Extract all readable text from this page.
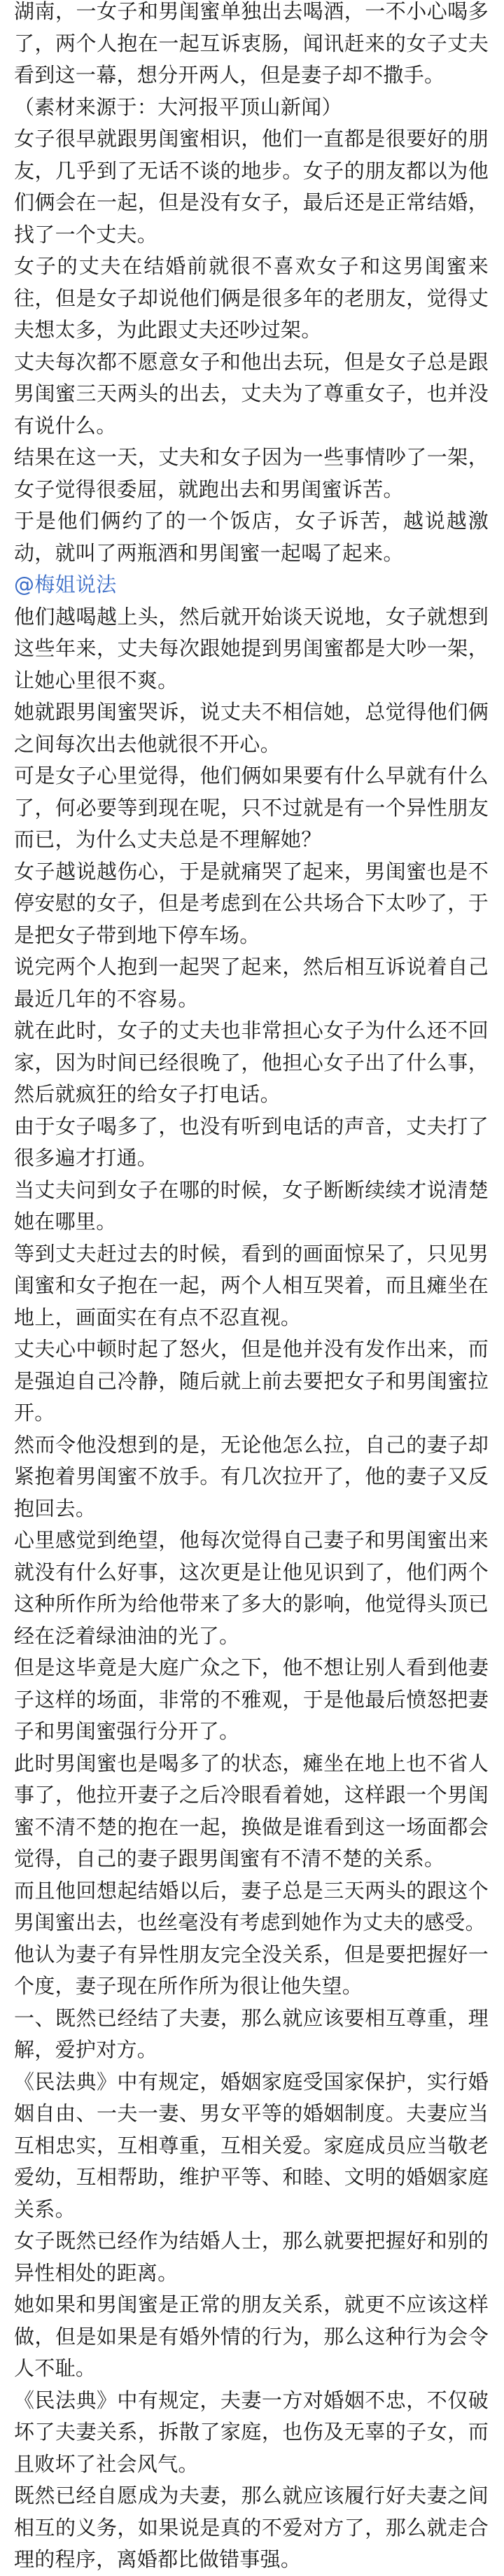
湖南，一女子和男闺蜜单独出去喝酒，一不小心喝多了，两个人抱在一起互诉衷肠，闻讯赶来的女子丈夫看到这一幕，想分开两人，但是妻子却不撒手。

（素材来源于：大河报平顶山新闻）

女子很早就跟男闺蜜相识，他们一直都是很要好的朋友，几乎到了无话不谈的地步。女子的朋友都以为他们俩会在一起，但是没有女子，最后还是正常结婚，找了一个丈夫。

女子的丈夫在结婚前就很不喜欢女子和这男闺蜜来往，但是女子却说他们俩是很多年的老朋友，觉得丈夫想太多，为此跟丈夫还吵过架。

丈夫每次都不愿意女子和他出去玩，但是女子总是跟男闺蜜三天两头的出去，丈夫为了尊重女子，也并没有说什么。

结果在这一天，丈夫和女子因为一些事情吵了一架，女子觉得很委屈，就跑出去和男闺蜜诉苦。

于是他们俩约了的一个饭店，女子诉苦，越说越激动，就叫了两瓶酒和男闺蜜一起喝了起来。

@梅姐说法

他们越喝越上头，然后就开始谈天说地，女子就想到这些年来，丈夫每次跟她提到男闺蜜都是大吵一架，让她心里很不爽。

她就跟男闺蜜哭诉，说丈夫不相信她，总觉得他们俩之间每次出去他就很不开心。

可是女子心里觉得，他们俩如果要有什么早就有什么了，何必要等到现在呢，只不过就是有一个异性朋友而已，为什么丈夫总是不理解她？

女子越说越伤心，于是就痛哭了起来，男闺蜜也是不停安慰的女子，但是考虑到在公共场合下太吵了，于是把女子带到地下停车场。

说完两个人抱到一起哭了起来，然后相互诉说着自己最近几年的不容易。

就在此时，女子的丈夫也非常担心女子为什么还不回家，因为时间已经很晚了，他担心女子出了什么事，然后就疯狂的给女子打电话。

由于女子喝多了，也没有听到电话的声音，丈夫打了很多遍才打通。

当丈夫问到女子在哪的时候，女子断断续续才说清楚她在哪里。

等到丈夫赶过去的时候，看到的画面惊呆了，只见男闺蜜和女子抱在一起，两个人相互哭着，而且瘫坐在地上，画面实在有点不忍直视。

丈夫心中顿时起了怒火，但是他并没有发作出来，而是强迫自己冷静，随后就上前去要把女子和男闺蜜拉开。

然而令他没想到的是，无论他怎么拉，自己的妻子却紧抱着男闺蜜不放手。有几次拉开了，他的妻子又反抱回去。

心里感觉到绝望，他每次觉得自己妻子和男闺蜜出来就没有什么好事，这次更是让他见识到了，他们两个这种所作所为给他带来了多大的影响，他觉得头顶已经在泛着绿油油的光了。

但是这毕竟是大庭广众之下，他不想让别人看到他妻子这样的场面，非常的不雅观，于是他最后愤怒把妻子和男闺蜜强行分开了。

此时男闺蜜也是喝多了的状态，瘫坐在地上也不省人事了，他拉开妻子之后冷眼看着她，这样跟一个男闺蜜不清不楚的抱在一起，换做是谁看到这一场面都会觉得，自己的妻子跟男闺蜜有不清不楚的关系。

而且他回想起结婚以后，妻子总是三天两头的跟这个男闺蜜出去，也丝毫没有考虑到她作为丈夫的感受。

他认为妻子有异性朋友完全没关系，但是要把握好一个度，妻子现在所作所为很让他失望。

一、既然已经结了夫妻，那么就应该要相互尊重，理解，爱护对方。

《民法典》中有规定，婚姻家庭受国家保护，实行婚姻自由、一夫一妻、男女平等的婚姻制度。夫妻应当互相忠实，互相尊重，互相关爱。家庭成员应当敬老爱幼，互相帮助，维护平等、和睦、文明的婚姻家庭关系。

女子既然已经作为结婚人士，那么就要把握好和别的异性相处的距离。

她如果和男闺蜜是正常的朋友关系，就更不应该这样做，但是如果是有婚外情的行为，那么这种行为会令人不耻。

《民法典》中有规定，夫妻一方对婚姻不忠，不仅破坏了夫妻关系，拆散了家庭，也伤及无辜的子女，而且败坏了社会风气。

既然已经自愿成为夫妻，那么就应该履行好夫妻之间相互的义务，如果说是真的不爱对方了，那么就走合理的程序，离婚都比做错事强。
